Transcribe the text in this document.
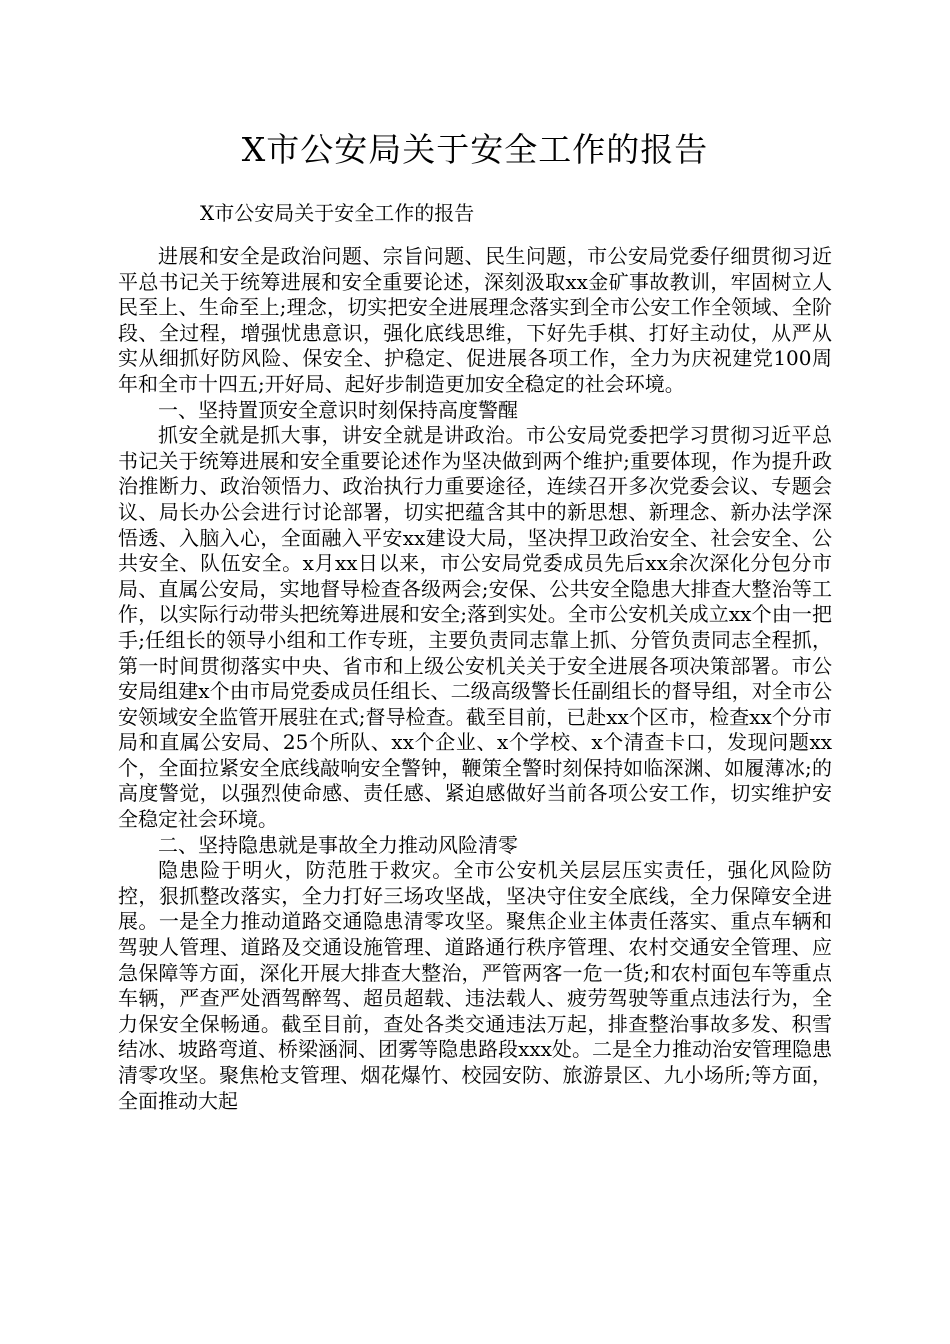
X市公安局关于安全工作的报告
X市公安局关于安全工作的报告

进展和安全是政治问题、宗旨问题、民生问题，市公安局党委仔细贯彻习近平总书记关于统筹进展和安全重要论述，深刻汲取xx金矿事故教训，牢固树立人民至上、生命至上;理念，切实把安全进展理念落实到全市公安工作全领域、全阶段、全过程，增强忧患意识，强化底线思维，下好先手棋、打好主动仗，从严从实从细抓好防风险、保安全、护稳定、促进展各项工作，全力为庆祝建党100周年和全市十四五;开好局、起好步制造更加安全稳定的社会环境。

一、坚持置顶安全意识时刻保持高度警醒

抓安全就是抓大事，讲安全就是讲政治。市公安局党委把学习贯彻习近平总书记关于统筹进展和安全重要论述作为坚决做到两个维护;重要体现，作为提升政治推断力、政治领悟力、政治执行力重要途径，连续召开多次党委会议、专题会议、局长办公会进行讨论部署，切实把蕴含其中的新思想、新理念、新办法学深悟透、入脑入心，全面融入平安xx建设大局，坚决捍卫政治安全、社会安全、公共安全、队伍安全。x月xx日以来，市公安局党委成员先后xx余次深化分包分市局、直属公安局，实地督导检查各级两会;安保、公共安全隐患大排查大整治等工作，以实际行动带头把统筹进展和安全;落到实处。全市公安机关成立xx个由一把手;任组长的领导小组和工作专班，主要负责同志靠上抓、分管负责同志全程抓，第一时间贯彻落实中央、省市和上级公安机关关于安全进展各项决策部署。市公安局组建x个由市局党委成员任组长、二级高级警长任副组长的督导组，对全市公安领域安全监管开展驻在式;督导检查。截至目前，已赴xx个区市，检查xx个分市局和直属公安局、25个所队、xx个企业、x个学校、x个清查卡口，发现问题xx个，全面拉紧安全底线敲响安全警钟，鞭策全警时刻保持如临深渊、如履薄冰;的高度警觉，以强烈使命感、责任感、紧迫感做好当前各项公安工作，切实维护安全稳定社会环境。

二、坚持隐患就是事故全力推动风险清零

隐患险于明火，防范胜于救灾。全市公安机关层层压实责任，强化风险防控，狠抓整改落实，全力打好三场攻坚战，坚决守住安全底线，全力保障安全进展。一是全力推动道路交通隐患清零攻坚。聚焦企业主体责任落实、重点车辆和驾驶人管理、道路及交通设施管理、道路通行秩序管理、农村交通安全管理、应急保障等方面，深化开展大排查大整治，严管两客一危一货;和农村面包车等重点车辆，严查严处酒驾醉驾、超员超载、违法载人、疲劳驾驶等重点违法行为，全力保安全保畅通。截至目前，查处各类交通违法万起，排查整治事故多发、积雪结冰、坡路弯道、桥梁涵洞、团雾等隐患路段xxx处。二是全力推动治安管理隐患清零攻坚。聚焦枪支管理、烟花爆竹、校园安防、旅游景区、九小场所;等方面，全面推动大起
